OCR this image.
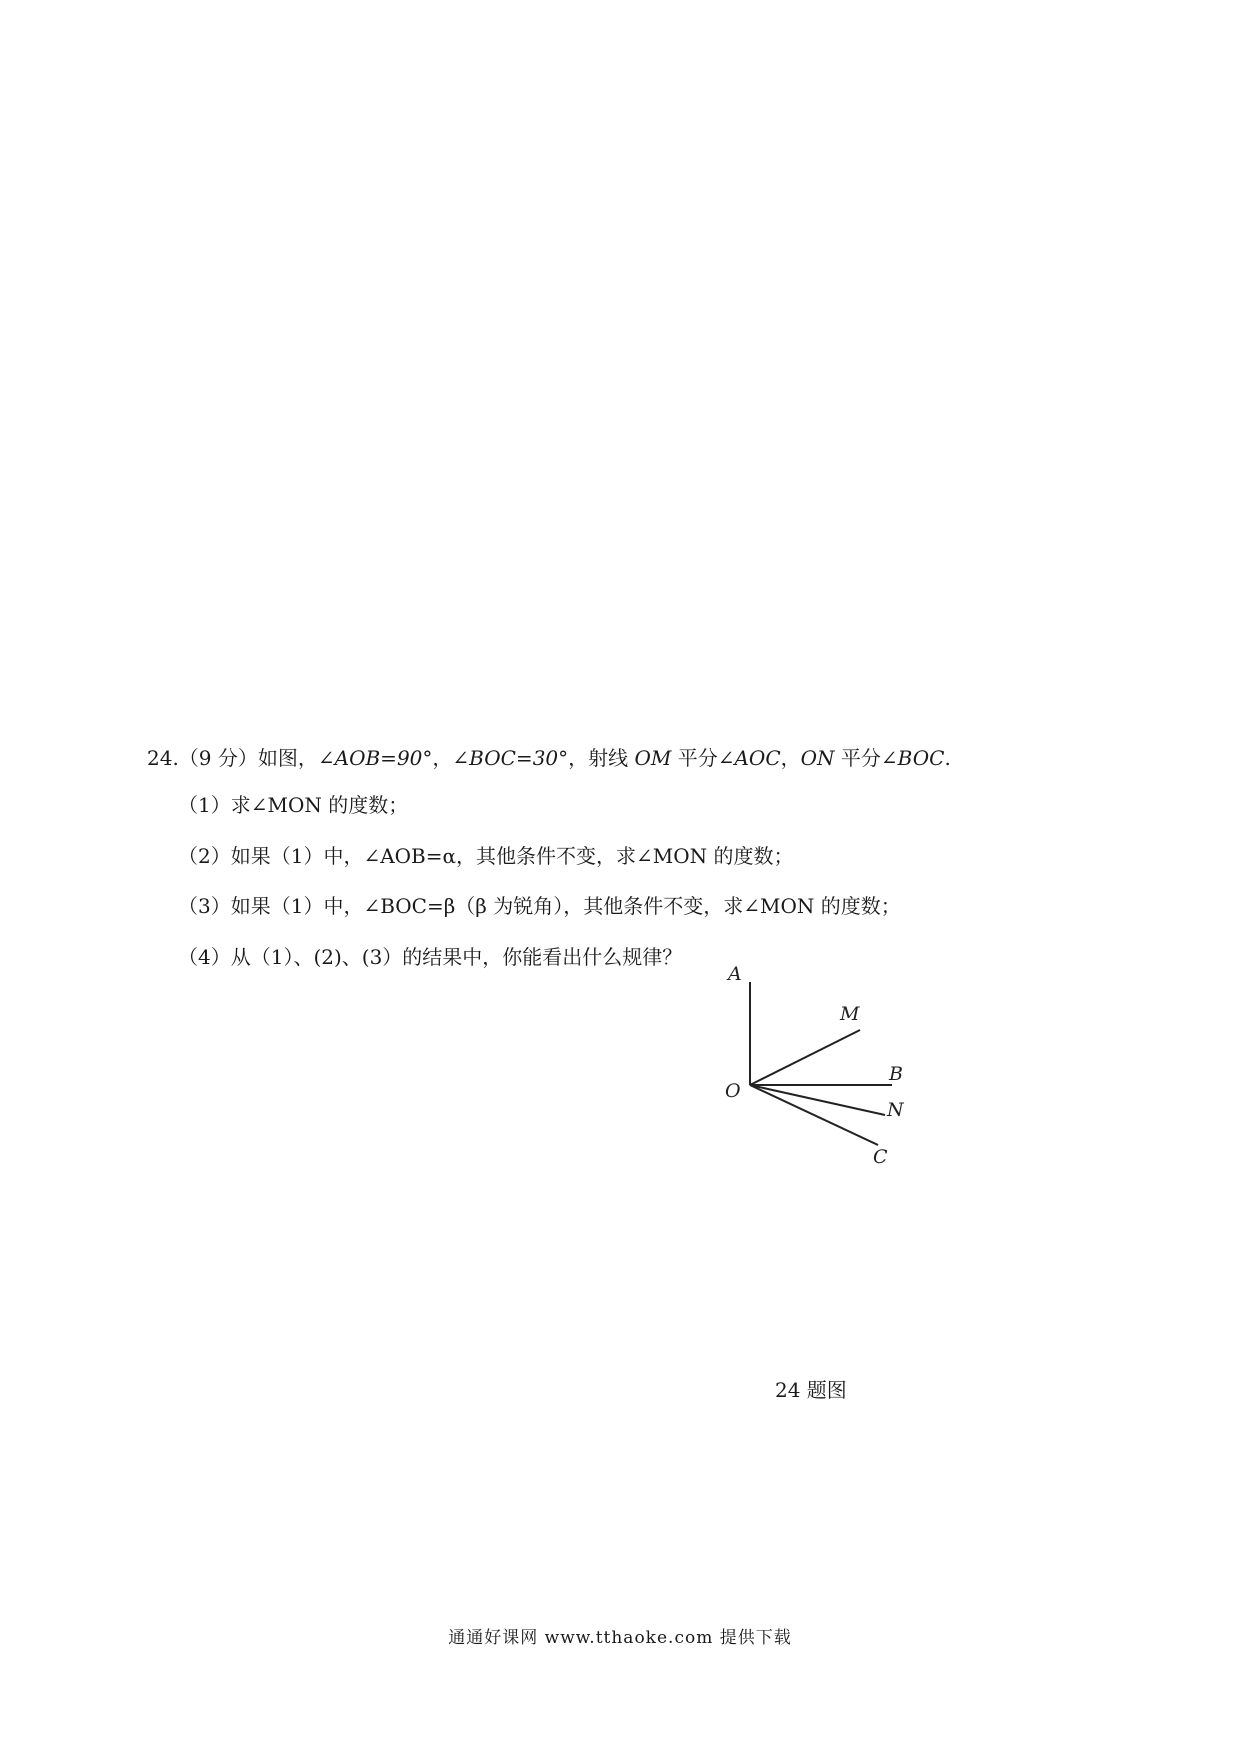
24.（9 分）如图，∠AOB=90°，∠BOC=30°，射线 OM 平分∠AOC，ON 平分∠BOC.
（1）求∠MON 的度数；
（2）如果（1）中，∠AOB=α，其他条件不变，求∠MON 的度数；
（3）如果（1）中，∠BOC=β（β 为锐角），其他条件不变，求∠MON 的度数；
（4）从（1）、(2)、(3）的结果中，你能看出什么规律？
A
M
B
O
N
C
24 题图
通通好课网 www.tthaoke.com 提供下载
